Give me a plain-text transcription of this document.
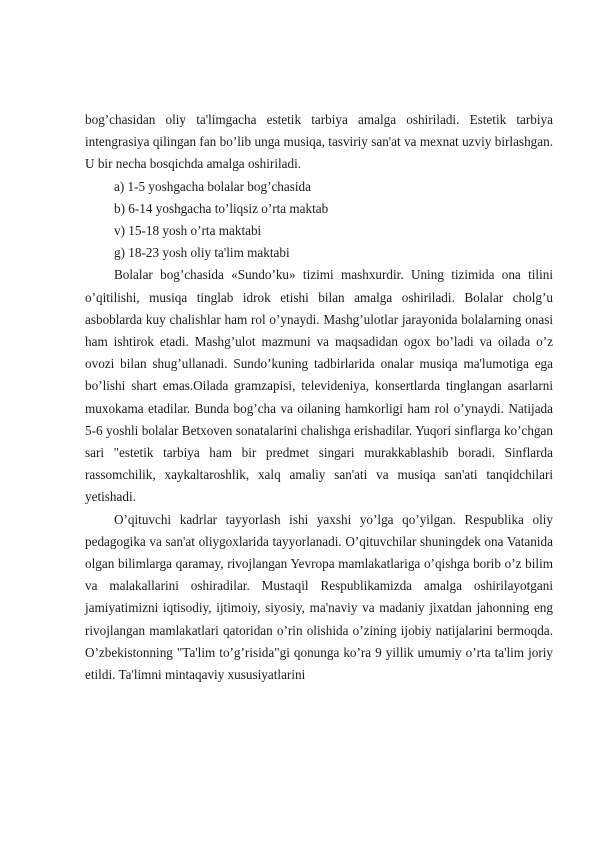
bog’chasidan oliy ta'limgacha estetik tarbiya amalga oshiriladi. Estetik tarbiya intengrasiya qilingan fan bo’lib unga musiqa, tasviriy san'at va mexnat uzviy birlashgan. U bir necha bosqichda amalga oshiriladi.

a) 1-5 yoshgacha bolalar bog’chasida

b) 6-14 yoshgacha to’liqsiz o’rta maktab

v) 15-18 yosh o’rta maktabi

g) 18-23 yosh oliy ta'lim maktabi

Bolalar bog’chasida «Sundo’ku» tizimi mashxurdir. Uning tizimida ona tilini o’qitilishi, musiqa tinglab idrok etishi bilan amalga oshiriladi. Bolalar cholg’u asboblarda kuy chalishlar ham rol o’ynaydi. Mashg’ulotlar jarayonida bolalarning onasi ham ishtirok etadi. Mashg’ulot mazmuni va maqsadidan ogox bo’ladi va oilada o’z ovozi bilan shug’ullanadi. Sundo’kuning tadbirlarida onalar musiqa ma'lumotiga ega bo’lishi shart emas.Oilada gramzapisi, televideniya, konsertlarda tinglangan asarlarni muxokama etadilar. Bunda bog’cha va oilaning hamkorligi ham rol o’ynaydi. Natijada 5-6 yoshli bolalar Betxoven sonatalarini chalishga erishadilar. Yuqori sinflarga ko’chgan sari "estetik tarbiya ham bir predmet singari murakkablashib boradi. Sinflarda rassomchilik, xaykaltaroshlik, xalq amaliy san'ati va musiqa san'ati tanqidchilari yetishadi.

O’qituvchi kadrlar tayyorlash ishi yaxshi yo’lga qo’yilgan. Respublika oliy pedagogika va san'at oliygoxlarida tayyorlanadi. O’qituvchilar shuningdek ona Vatanida olgan bilimlarga qaramay, rivojlangan Yevropa mamlakatlariga o’qishga borib o’z bilim va malakallarini oshiradilar. Mustaqil Respublikamizda amalga oshirilayotgani jamiyatimizni iqtisodiy, ijtimoiy, siyosiy, ma'naviy va madaniy jixatdan jahonning eng rivojlangan mamlakatlari qatoridan o’rin olishida o’zining ijobiy natijalarini bermoqda. O’zbekistonning "Ta'lim to’g’risida"gi qonunga ko’ra 9 yillik umumiy o’rta ta'lim joriy etildi. Ta'limni mintaqaviy xususiyatlarini
